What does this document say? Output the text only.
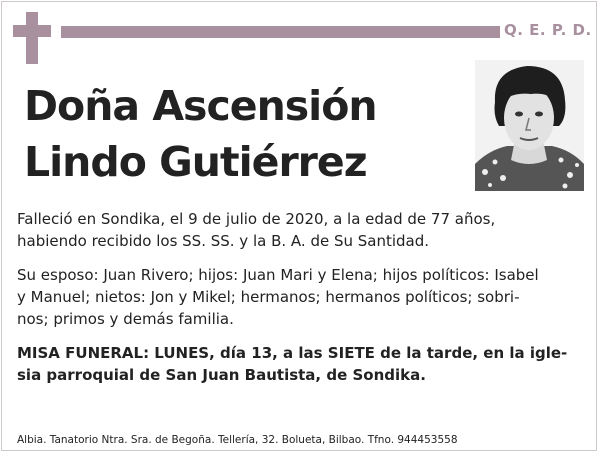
Q. E. P. D.
Doña Ascensión
Lindo Gutiérrez
Falleció en Sondika, el 9 de julio de 2020, a la edad de 77 años,
habiendo recibido los SS. SS. y la B. A. de Su Santidad.
Su esposo: Juan Rivero; hijos: Juan Mari y Elena; hijos políticos: Isabel
y Manuel; nietos: Jon y Mikel; hermanos; hermanos políticos; sobri-
nos; primos y demás familia.
MISA FUNERAL: LUNES, día 13, a las SIETE de la tarde, en la igle-
sia parroquial de San Juan Bautista, de Sondika.
Albia. Tanatorio Ntra. Sra. de Begoña. Tellería, 32. Bolueta, Bilbao. Tfno. 944453558
